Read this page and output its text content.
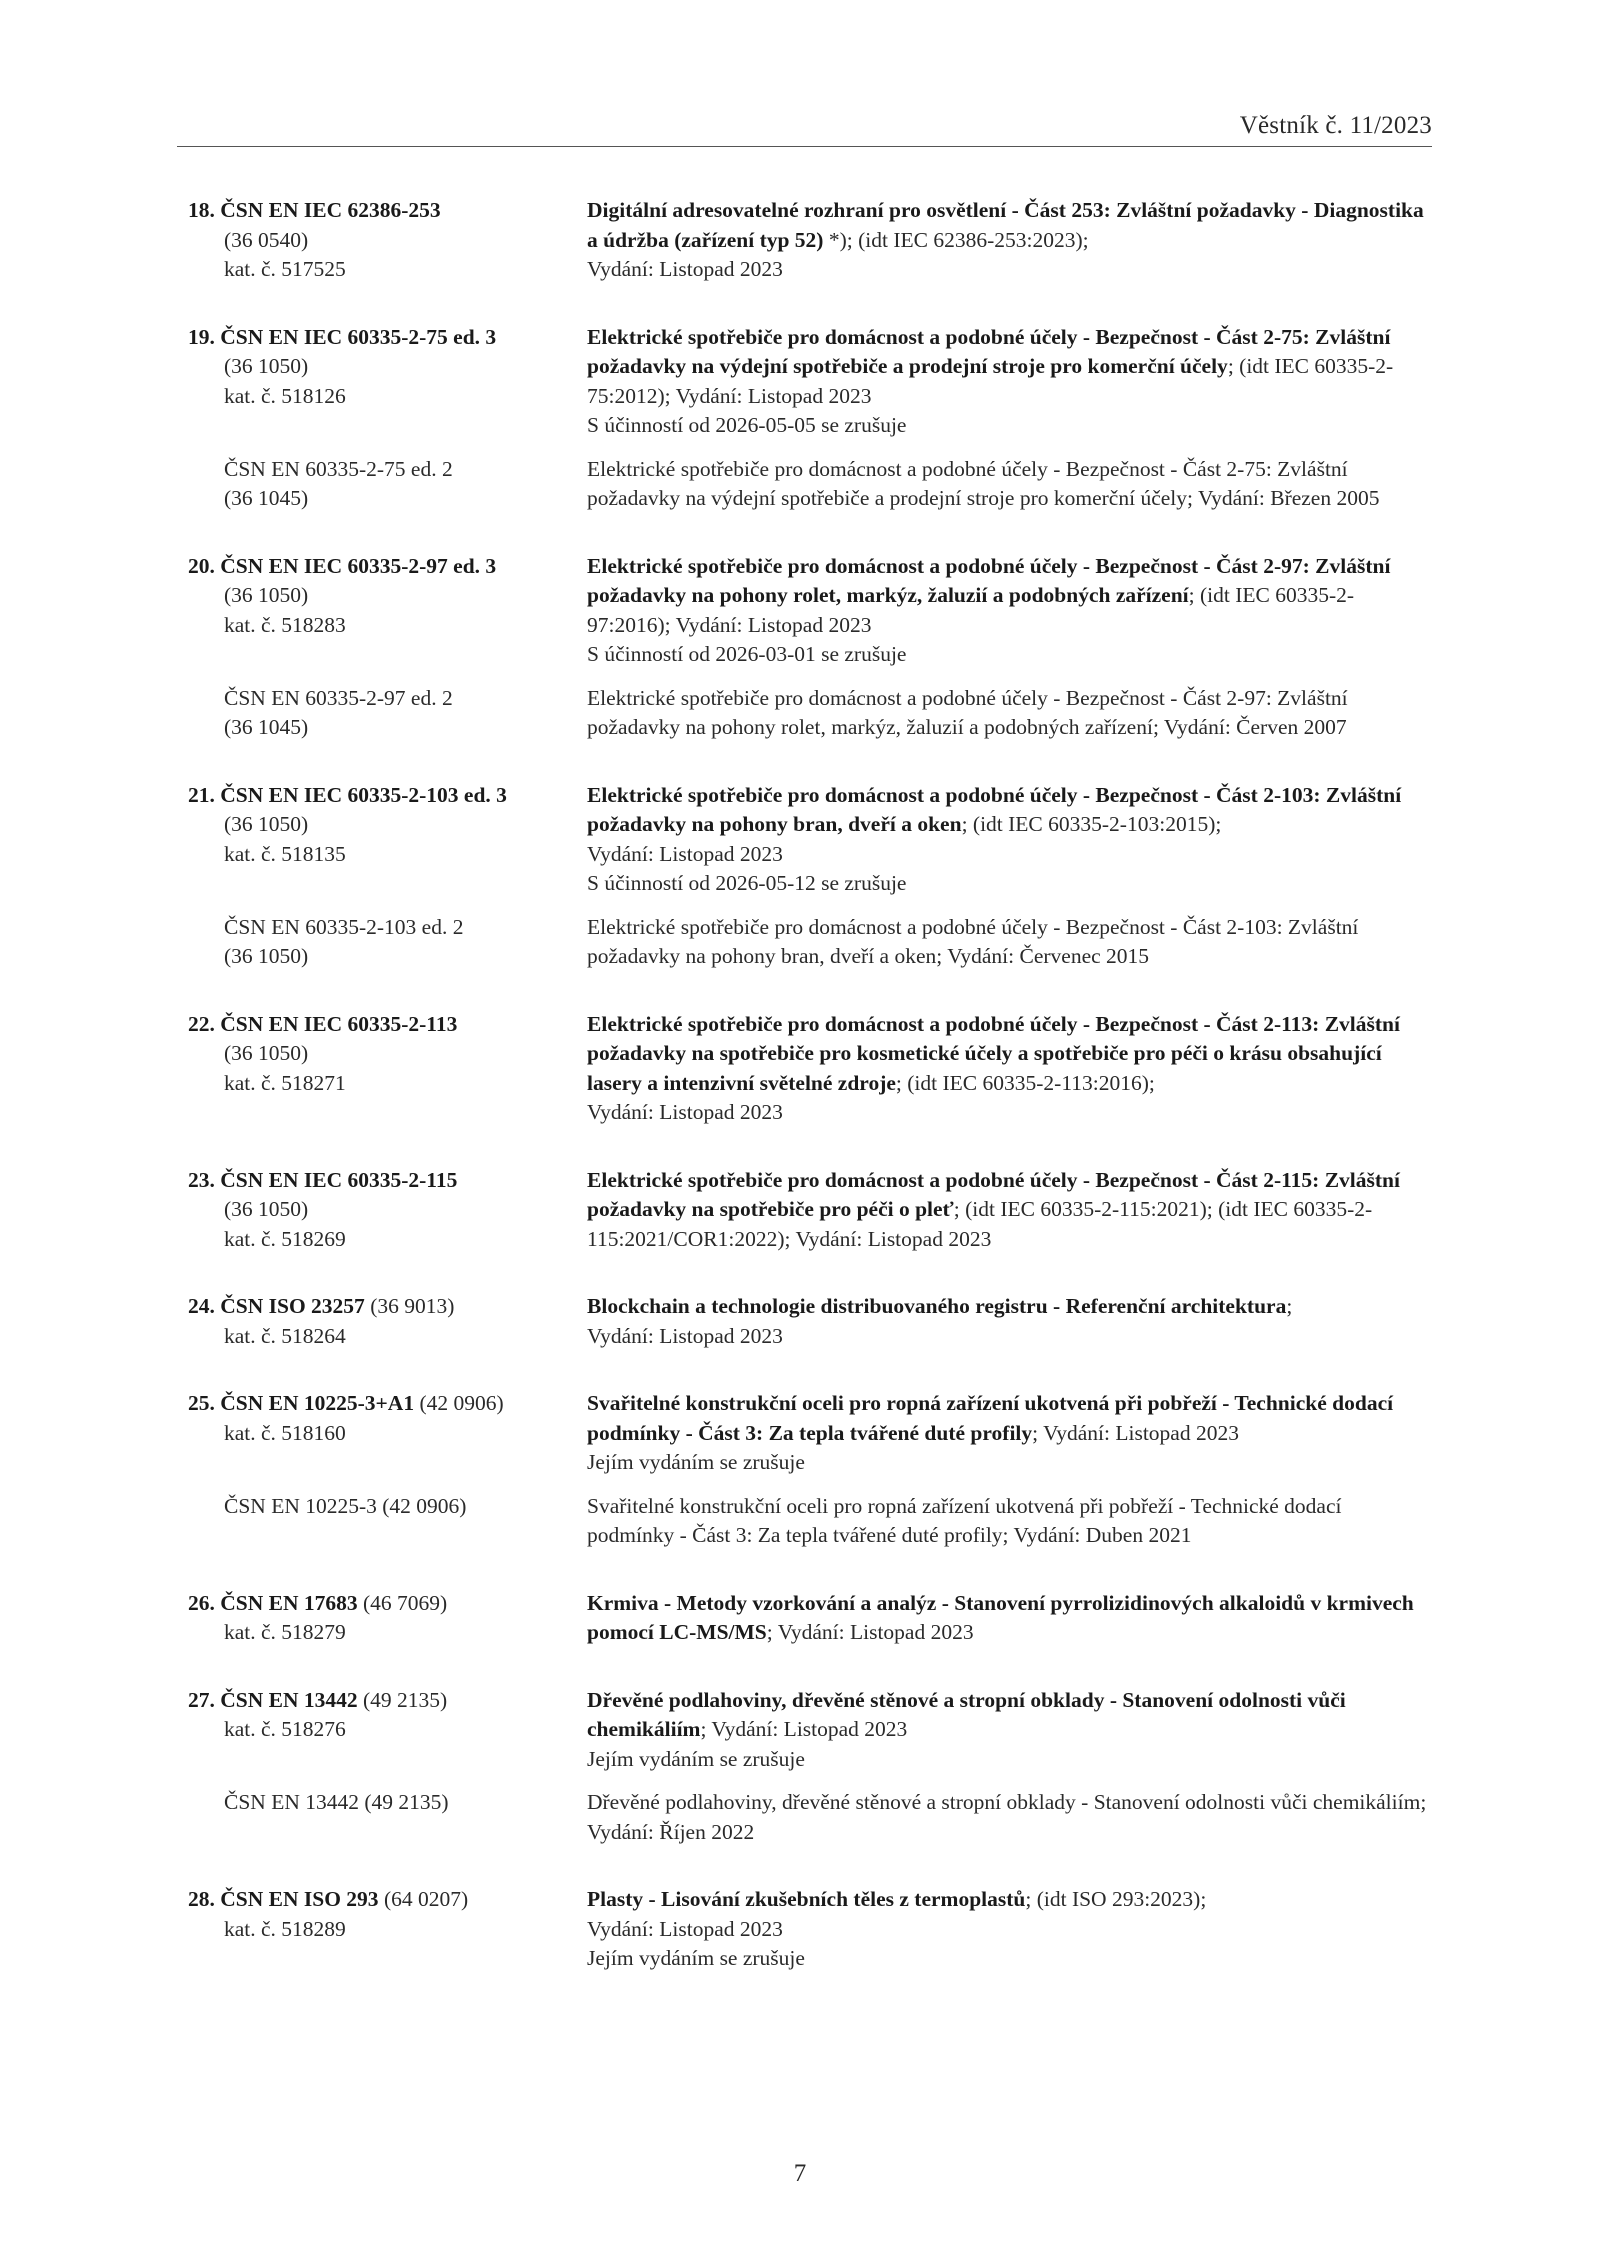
Věstník č. 11/2023
18. ČSN EN IEC 62386-253
(36 0540)
kat. č. 517525
Digitální adresovatelné rozhraní pro osvětlení - Část 253: Zvláštní požadavky - Diagnostika a údržba (zařízení typ 52) *); (idt IEC 62386-253:2023);
Vydání: Listopad 2023
19. ČSN EN IEC 60335-2-75 ed. 3
(36 1050)
kat. č. 518126
Elektrické spotřebiče pro domácnost a podobné účely - Bezpečnost - Část 2-75: Zvláštní požadavky na výdejní spotřebiče a prodejní stroje pro komerční účely; (idt IEC 60335-2-75:2012); Vydání: Listopad 2023
S účinností od 2026-05-05 se zrušuje
ČSN EN 60335-2-75 ed. 2
(36 1045)
Elektrické spotřebiče pro domácnost a podobné účely - Bezpečnost - Část 2-75: Zvláštní požadavky na výdejní spotřebiče a prodejní stroje pro komerční účely; Vydání: Březen 2005
20. ČSN EN IEC 60335-2-97 ed. 3
(36 1050)
kat. č. 518283
Elektrické spotřebiče pro domácnost a podobné účely - Bezpečnost - Část 2-97: Zvláštní požadavky na pohony rolet, markýz, žaluzií a podobných zařízení; (idt IEC 60335-2-97:2016); Vydání: Listopad 2023
S účinností od 2026-03-01 se zrušuje
ČSN EN 60335-2-97 ed. 2
(36 1045)
Elektrické spotřebiče pro domácnost a podobné účely - Bezpečnost - Část 2-97: Zvláštní požadavky na pohony rolet, markýz, žaluzií a podobných zařízení; Vydání: Červen 2007
21. ČSN EN IEC 60335-2-103 ed. 3
(36 1050)
kat. č. 518135
Elektrické spotřebiče pro domácnost a podobné účely - Bezpečnost - Část 2-103: Zvláštní požadavky na pohony bran, dveří a oken; (idt IEC 60335-2-103:2015);
Vydání: Listopad 2023
S účinností od 2026-05-12 se zrušuje
ČSN EN 60335-2-103 ed. 2
(36 1050)
Elektrické spotřebiče pro domácnost a podobné účely - Bezpečnost - Část 2-103: Zvláštní požadavky na pohony bran, dveří a oken; Vydání: Červenec 2015
22. ČSN EN IEC 60335-2-113
(36 1050)
kat. č. 518271
Elektrické spotřebiče pro domácnost a podobné účely - Bezpečnost - Část 2-113: Zvláštní požadavky na spotřebiče pro kosmetické účely a spotřebiče pro péči o krásu obsahující lasery a intenzivní světelné zdroje; (idt IEC 60335-2-113:2016);
Vydání: Listopad 2023
23. ČSN EN IEC 60335-2-115
(36 1050)
kat. č. 518269
Elektrické spotřebiče pro domácnost a podobné účely - Bezpečnost - Část 2-115: Zvláštní požadavky na spotřebiče pro péči o pleť; (idt IEC 60335-2-115:2021); (idt IEC 60335-2-115:2021/COR1:2022); Vydání: Listopad 2023
24. ČSN ISO 23257 (36 9013)
kat. č. 518264
Blockchain a technologie distribuovaného registru - Referenční architektura;
Vydání: Listopad 2023
25. ČSN EN 10225-3+A1 (42 0906)
kat. č. 518160
Svařitelné konstrukční oceli pro ropná zařízení ukotvená při pobřeží - Technické dodací podmínky - Část 3: Za tepla tvářené duté profily; Vydání: Listopad 2023
Jejím vydáním se zrušuje
ČSN EN 10225-3 (42 0906)	Svařitelné konstrukční oceli pro ropná zařízení ukotvená při pobřeží - Technické dodací podmínky - Část 3: Za tepla tvářené duté profily; Vydání: Duben 2021
26. ČSN EN 17683 (46 7069)
kat. č. 518279
Krmiva - Metody vzorkování a analýz - Stanovení pyrrolizidinových alkaloidů v krmivech pomocí LC-MS/MS; Vydání: Listopad 2023
27. ČSN EN 13442 (49 2135)
kat. č. 518276
Dřevěné podlahoviny, dřevěné stěnové a stropní obklady - Stanovení odolnosti vůči chemikáliím; Vydání: Listopad 2023
Jejím vydáním se zrušuje
ČSN EN 13442 (49 2135)	Dřevěné podlahoviny, dřevěné stěnové a stropní obklady - Stanovení odolnosti vůči chemikáliím; Vydání: Říjen 2022
28. ČSN EN ISO 293 (64 0207)
kat. č. 518289
Plasty - Lisování zkušebních těles z termoplastů; (idt ISO 293:2023);
Vydání: Listopad 2023
Jejím vydáním se zrušuje
7
